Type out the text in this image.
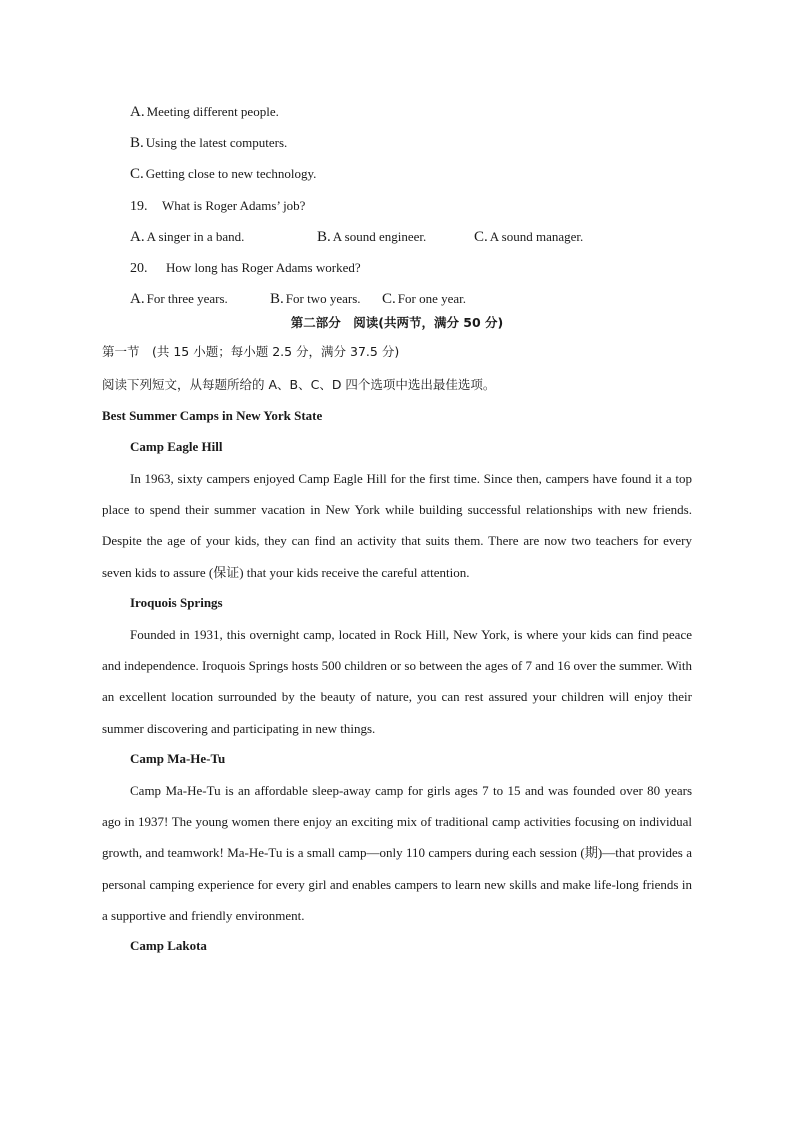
A. Meeting different people.
B. Using the latest computers.
C. Getting close to new technology.
19. What is Roger Adams’ job?
A. A singer in a band.	B. A sound engineer.	C. A sound manager.
20. How long has Roger Adams worked?
A. For three years.	B. For two years. C. For one year.
第二部分　阅读(共两节，满分 50 分)
第一节　(共 15 小题；每小题 2.5 分，满分 37.5 分)
阅读下列短文，从每题所给的 A、B、C、D 四个选项中选出最佳选项。
Best Summer Camps in New York State
Camp Eagle Hill

In 1963, sixty campers enjoyed Camp Eagle Hill for the first time. Since then, campers have found it a top place to spend their summer vacation in New York while building successful relationships with new friends. Despite the age of your kids, they can find an activity that suits them. There are now two teachers for every seven kids to assure (保证) that your kids receive the careful attention.

Iroquois Springs

Founded in 1931, this overnight camp, located in Rock Hill, New York, is where your kids can find peace and independence. Iroquois Springs hosts 500 children or so between the ages of 7 and 16 over the summer. With an excellent location surrounded by the beauty of nature, you can rest assured your children will enjoy their summer discovering and participating in new things.

Camp Ma-He-Tu

Camp Ma-He-Tu is an affordable sleep-away camp for girls ages 7 to 15 and was founded over 80 years ago in 1937! The young women there enjoy an exciting mix of traditional camp activities focusing on individual growth, and teamwork! Ma-He-Tu is a small camp—only 110 campers during each session (期)—that provides a personal camping experience for every girl and enables campers to learn new skills and make life-long friends in a supportive and friendly environment.

Camp Lakota
